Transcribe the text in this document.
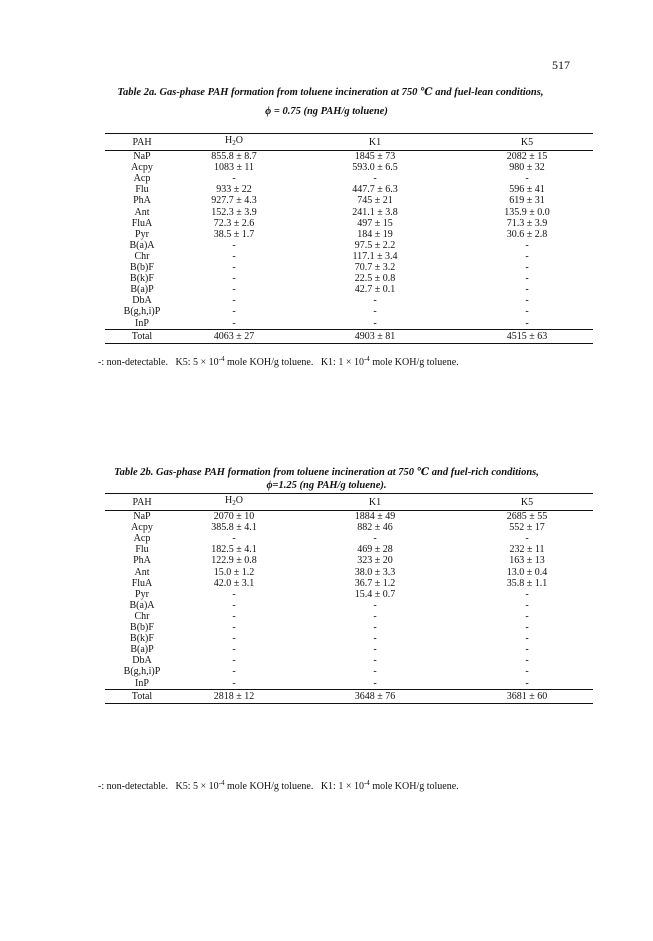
517
Table 2a. Gas-phase PAH formation from toluene incineration at 750 ℃ and fuel-lean conditions,
ϕ = 0.75 (ng PAH/g toluene)
PAH	$H_2O$	K1	K5
NaP	855.8 ± 8.7	1845 ± 73	2082 ± 15
Acpy	1083 ± 11	593.0 ± 6.5	980 ± 32
Acp	-	-	-
Flu	933 ± 22	447.7 ± 6.3	596 ± 41
PhA	927.7 ± 4.3	745 ± 21	619 ± 31
Ant	152.3 ± 3.9	241.1 ± 3.8	135.9 ± 0.0
FluA	72.3 ± 2.6	497 ± 15	71.3 ± 3.9
Pyr	38.5 ± 1.7	184 ± 19	30.6 ± 2.8
B(a)A	-	97.5 ± 2.2	-
Chr	-	117.1 ± 3.4	-
B(b)F	-	70.7 ± 3.2	-
B(k)F	-	22.5 ± 0.8	-
B(a)P	-	42.7 ± 0.1	-
DbA	-	-	-
B(g,h,i)P	-	-	-
InP	-	-	-
Total	4063 ± 27	4903 ± 81	4515 ± 63
-: non-detectable.   K5: $5 \times 10^{-4}$ mole KOH/g toluene.   K1: $1 \times 10^{-4}$ mole KOH/g toluene.
Table 2b. Gas-phase PAH formation from toluene incineration at 750 ℃ and fuel-rich conditions,
ϕ=1.25 (ng PAH/g toluene).
PAH	$H_2O$	K1	K5
NaP	2070 ± 10	1884 ± 49	2685 ± 55
Acpy	385.8 ± 4.1	882 ± 46	552 ± 17
Acp	-	-	-
Flu	182.5 ± 4.1	469 ± 28	232 ± 11
PhA	122.9 ± 0.8	323 ± 20	163 ± 13
Ant	15.0 ± 1.2	38.0 ± 3.3	13.0 ± 0.4
FluA	42.0 ± 3.1	36.7 ± 1.2	35.8 ± 1.1
Pyr	-	15.4 ± 0.7	-
B(a)A	-	-	-
Chr	-	-	-
B(b)F	-	-	-
B(k)F	-	-	-
B(a)P	-	-	-
DbA	-	-	-
B(g,h,i)P	-	-	-
InP	-	-	-
Total	2818 ± 12	3648 ± 76	3681 ± 60
-: non-detectable.   K5: $5 \times 10^{-4}$ mole KOH/g toluene.   K1: $1 \times 10^{-4}$ mole KOH/g toluene.
